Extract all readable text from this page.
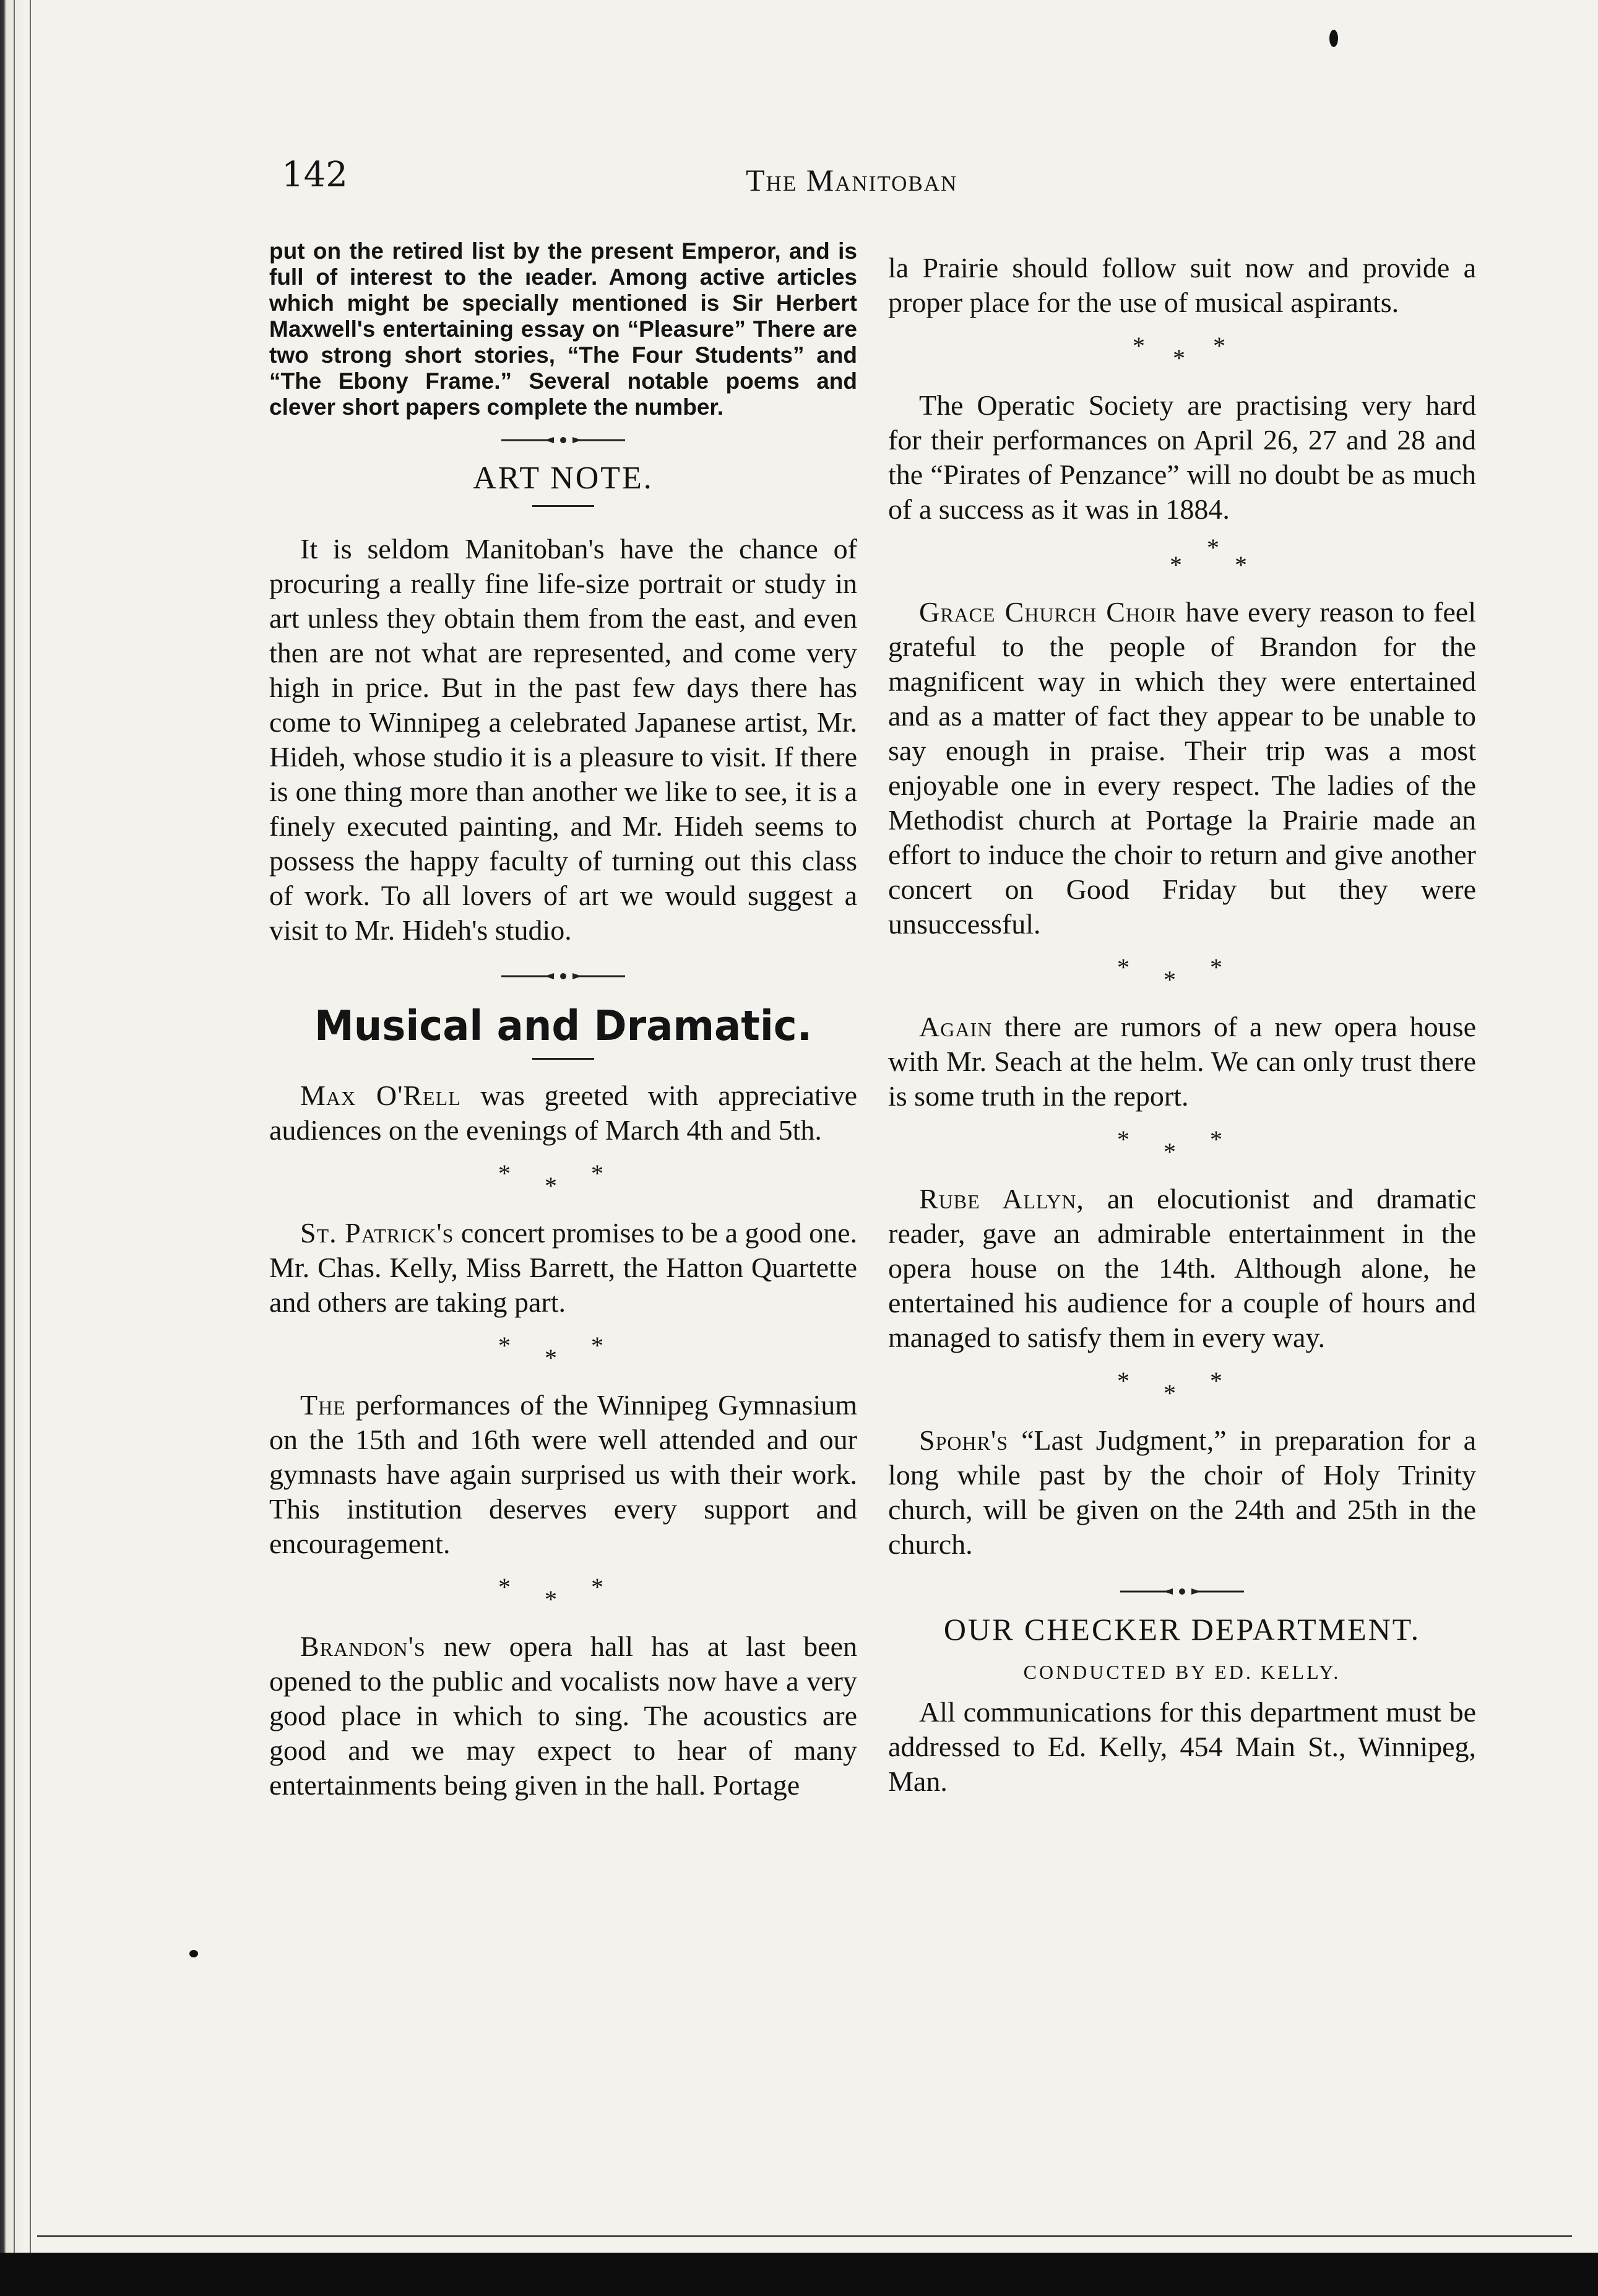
142	The Manitoban

put on the retired list by the present Emperor, and is full of interest to the ıeader. Among active articles which might be specially mentioned is Sir Herbert Maxwell's entertaining essay on “Pleasure” There are two strong short stories, “The Four Students” and “The Ebony Frame.” Several notable poems and clever short papers complete the number.

ART NOTE.

It is seldom Manitoban's have the chance of procuring a really fine life-size portrait or study in art unless they obtain them from the east, and even then are not what are represented, and come very high in price. But in the past few days there has come to Winnipeg a celebrated Japanese artist, Mr. Hideh, whose studio it is a pleasure to visit. If there is one thing more than another we like to see, it is a finely executed painting, and Mr. Hideh seems to possess the happy faculty of turning out this class of work. To all lovers of art we would suggest a visit to Mr. Hideh's studio.

Musical and Dramatic.

Max O'Rell was greeted with appreciative audiences on the evenings of March 4th and 5th.

* * *

St. Patrick's concert promises to be a good one. Mr. Chas. Kelly, Miss Barrett, the Hatton Quartette and others are taking part.

* * *

The performances of the Winnipeg Gymnasium on the 15th and 16th were well attended and our gymnasts have again surprised us with their work. This institution deserves every support and encouragement.

* * *

Brandon's new opera hall has at last been opened to the public and vocalists now have a very good place in which to sing. The acoustics are good and we may expect to hear of many entertainments being given in the hall. Portage

la Prairie should follow suit now and provide a proper place for the use of musical aspirants.

* * *

The Operatic Society are practising very hard for their performances on April 26, 27 and 28 and the “Pirates of Penzance” will no doubt be as much of a success as it was in 1884.

*
* *

Grace Church Choir have every reason to feel grateful to the people of Brandon for the magnificent way in which they were entertained and as a matter of fact they appear to be unable to say enough in praise. Their trip was a most enjoyable one in every respect. The ladies of the Methodist church at Portage la Prairie made an effort to induce the choir to return and give another concert on Good Friday but they were unsuccessful.

* * *

Again there are rumors of a new opera house with Mr. Seach at the helm. We can only trust there is some truth in the report.

* * *

Rube Allyn, an elocutionist and dramatic reader, gave an admirable entertainment in the opera house on the 14th. Although alone, he entertained his audience for a couple of hours and managed to satisfy them in every way.

* * *

Spohr's “Last Judgment,” in preparation for a long while past by the choir of Holy Trinity church, will be given on the 24th and 25th in the church.

OUR CHECKER DEPARTMENT.
CONDUCTED BY ED. KELLY.

All communications for this department must be addressed to Ed. Kelly, 454 Main St., Winnipeg, Man.
